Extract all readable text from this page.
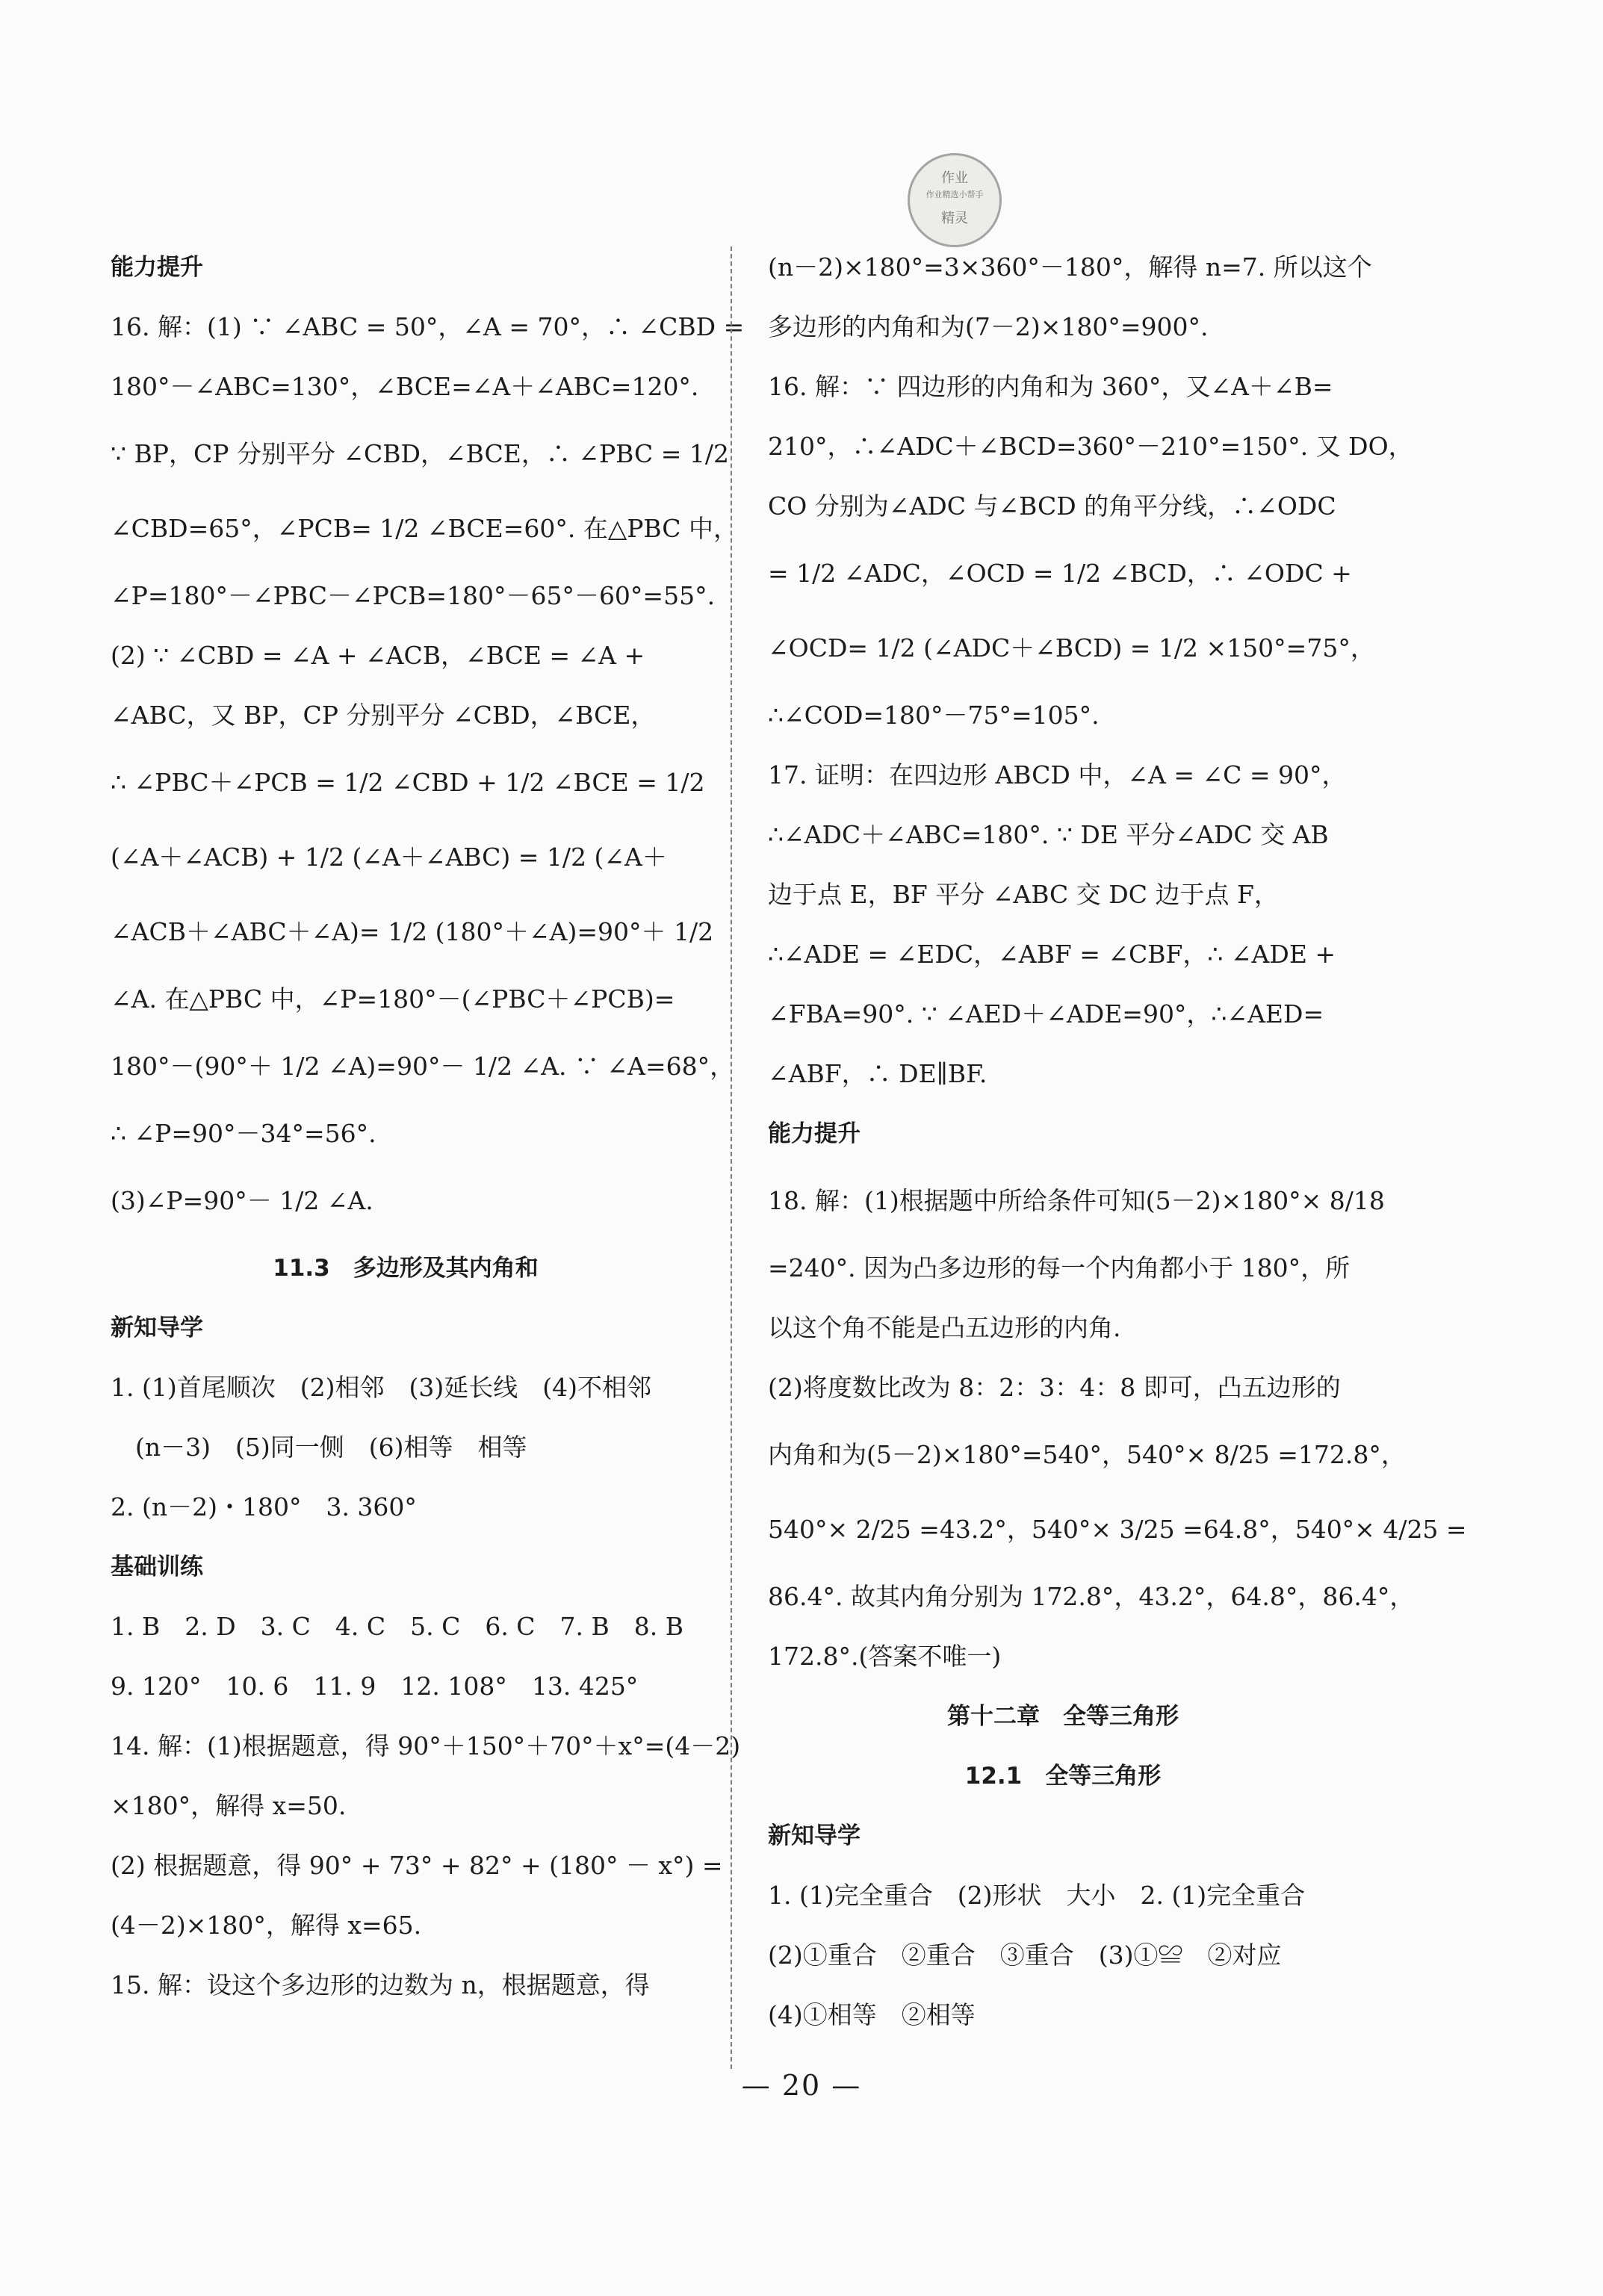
作业
作业精选小帮手
精灵
能力提升
16. 解：(1) ∵ ∠ABC = 50°，∠A = 70°，∴ ∠CBD =
180°－∠ABC=130°，∠BCE=∠A＋∠ABC=120°.
∵ BP，CP 分别平分 ∠CBD，∠BCE，∴ ∠PBC = 1/2
∠CBD=65°，∠PCB= 1/2 ∠BCE=60°. 在△PBC 中，
∠P=180°－∠PBC－∠PCB=180°－65°－60°=55°.
(2) ∵ ∠CBD = ∠A + ∠ACB，∠BCE = ∠A +
∠ABC，又 BP，CP 分别平分 ∠CBD，∠BCE，
∴ ∠PBC＋∠PCB = 1/2 ∠CBD + 1/2 ∠BCE = 1/2
(∠A＋∠ACB) + 1/2 (∠A＋∠ABC) = 1/2 (∠A＋
∠ACB＋∠ABC＋∠A)= 1/2 (180°＋∠A)=90°＋ 1/2
∠A. 在△PBC 中，∠P=180°－(∠PBC＋∠PCB)=
180°－(90°＋ 1/2 ∠A)=90°－ 1/2 ∠A. ∵ ∠A=68°，
∴ ∠P=90°－34°=56°.
(3)∠P=90°－ 1/2 ∠A.
11.3　多边形及其内角和
新知导学
1. (1)首尾顺次　(2)相邻　(3)延长线　(4)不相邻
　(n－3)　(5)同一侧　(6)相等　相等
2. (n－2)・180°　3. 360°
基础训练
1. B　2. D　3. C　4. C　5. C　6. C　7. B　8. B
9. 120°　10. 6　11. 9　12. 108°　13. 425°
14. 解：(1)根据题意，得 90°＋150°＋70°＋x°=(4－2)
×180°，解得 x=50.
(2) 根据题意，得 90° + 73° + 82° + (180° － x°) =
(4－2)×180°，解得 x=65.
15. 解：设这个多边形的边数为 n，根据题意，得
(n－2)×180°=3×360°－180°，解得 n=7. 所以这个
多边形的内角和为(7－2)×180°=900°.
16. 解：∵ 四边形的内角和为 360°，又∠A＋∠B=
210°，∴∠ADC＋∠BCD=360°－210°=150°. 又 DO，
CO 分别为∠ADC 与∠BCD 的角平分线，∴∠ODC
= 1/2 ∠ADC，∠OCD = 1/2 ∠BCD，∴ ∠ODC +
∠OCD= 1/2 (∠ADC＋∠BCD) = 1/2 ×150°=75°，
∴∠COD=180°－75°=105°.
17. 证明：在四边形 ABCD 中，∠A = ∠C = 90°，
∴∠ADC＋∠ABC=180°. ∵ DE 平分∠ADC 交 AB
边于点 E，BF 平分 ∠ABC 交 DC 边于点 F，
∴∠ADE = ∠EDC，∠ABF = ∠CBF，∴ ∠ADE +
∠FBA=90°. ∵ ∠AED＋∠ADE=90°，∴∠AED=
∠ABF，∴ DE∥BF.
能力提升
18. 解：(1)根据题中所给条件可知(5－2)×180°× 8/18
=240°. 因为凸多边形的每一个内角都小于 180°，所
以这个角不能是凸五边形的内角.
(2)将度数比改为 8：2：3：4：8 即可，凸五边形的
内角和为(5－2)×180°=540°，540°× 8/25 =172.8°，
540°× 2/25 =43.2°，540°× 3/25 =64.8°，540°× 4/25 =
86.4°. 故其内角分别为 172.8°，43.2°，64.8°，86.4°，
172.8°.(答案不唯一)
第十二章　全等三角形
12.1　全等三角形
新知导学
1. (1)完全重合　(2)形状　大小　2. (1)完全重合
(2)①重合　②重合　③重合　(3)①≌　②对应
(4)①相等　②相等
— 20 —
